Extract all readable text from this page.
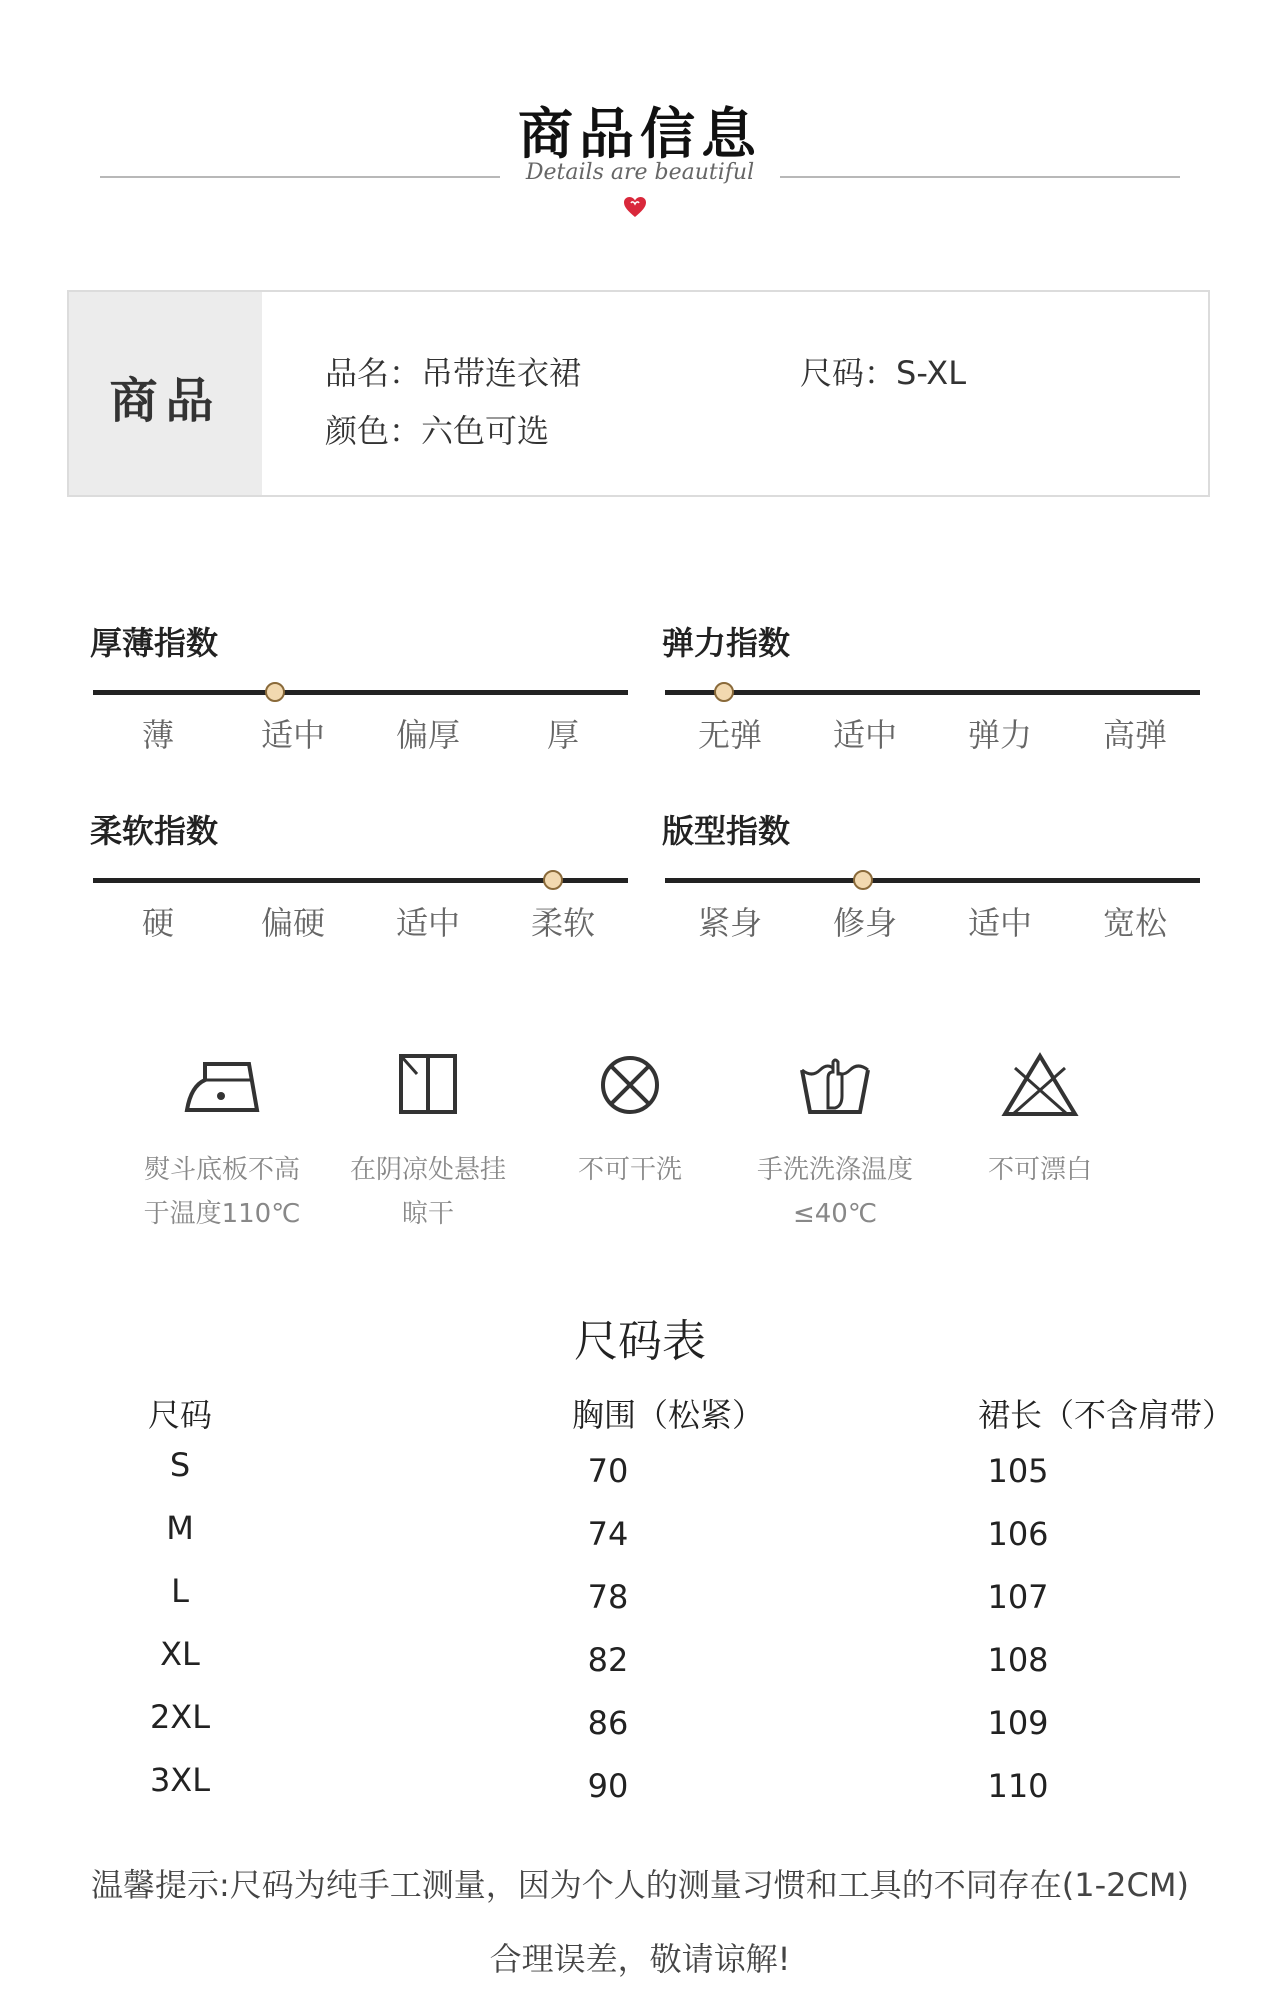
商品信息
Details are beautiful
商品	品名：吊带连衣裙	尺码：S-XL
颜色：六色可选
厚薄指数
薄	适中	偏厚	厚
弹力指数
无弹	适中	弹力	高弹
柔软指数
硬	偏硬	适中	柔软
版型指数
紧身	修身	适中	宽松
熨斗底板不高
于温度110℃
在阴凉处悬挂
晾干
不可干洗	手洗洗涤温度
≤40℃
不可漂白
尺码表
尺码	胸围（松紧）	裙长（不含肩带）
S	70	105
M	74	106
L	78	107
XL	82	108
2XL	86	109
3XL	90	110
温馨提示:尺码为纯手工测量，因为个人的测量习惯和工具的不同存在(1-2CM)
合理误差，敬请谅解!
